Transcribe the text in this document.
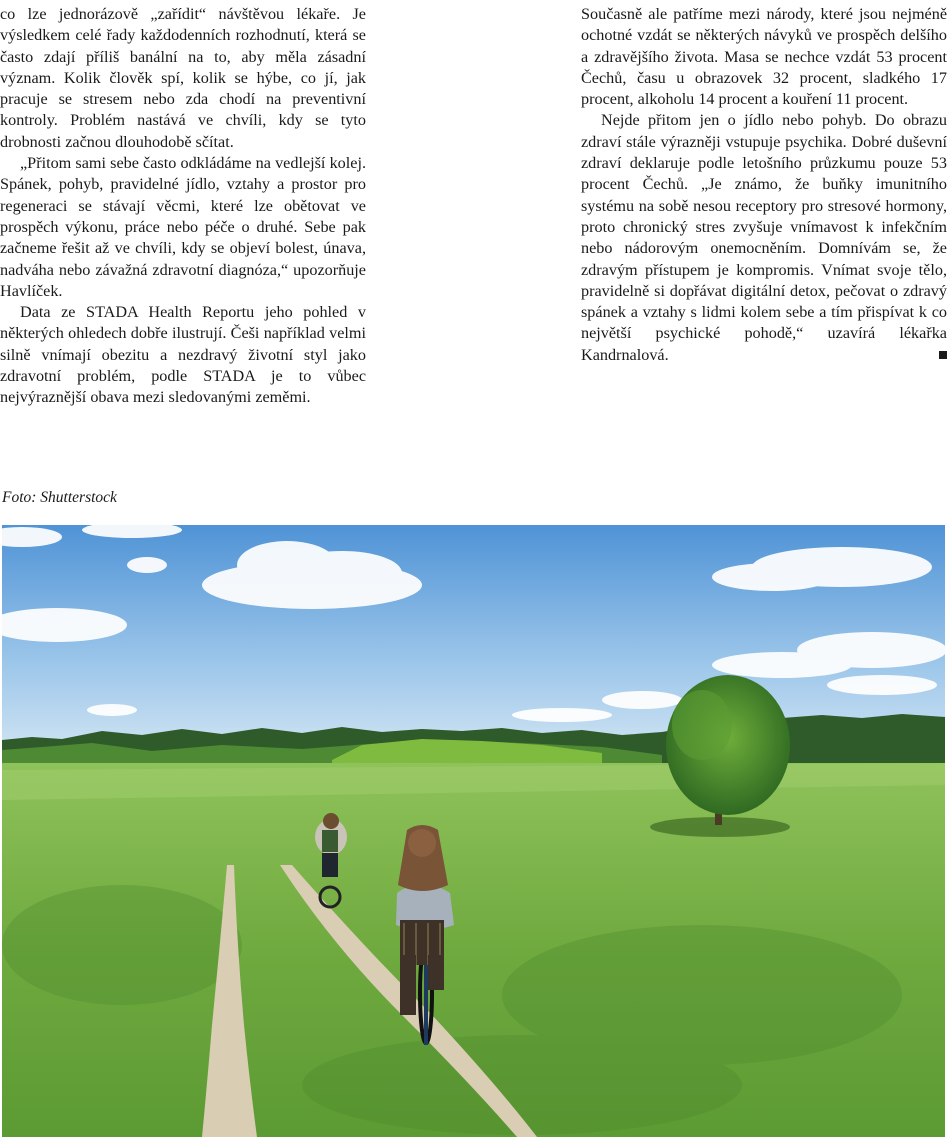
co lze jednorázově „zařídit“ návštěvou lékaře. Je výsledkem celé řady každodenních rozhodnutí, která se často zdají příliš banální na to, aby měla zásadní význam. Kolik člověk spí, kolik se hýbe, co jí, jak pracuje se stresem nebo zda chodí na preventivní kontroly. Problém nastává ve chvíli, kdy se tyto drobnosti začnou dlouhodobě sčítat.

„Přitom sami sebe často odkládáme na vedlejší kolej. Spánek, pohyb, pravidelné jídlo, vztahy a prostor pro regeneraci se stávají věcmi, které lze obětovat ve prospěch výkonu, práce nebo péče o druhé. Sebe pak začneme řešit až ve chvíli, kdy se objeví bolest, únava, nadváha nebo závažná zdravotní diagnóza,“ upozorňuje Havlíček.

Data ze STADA Health Reportu jeho pohled v některých ohledech dobře ilustrují. Češi například velmi silně vnímají obezitu a nezdravý životní styl jako zdravotní problém, podle STADA je to vůbec nejvýraznější obava mezi sledovanými zeměmi.

Současně ale patříme mezi národy, které jsou nejméně ochotné vzdát se některých návyků ve prospěch delšího a zdravějšího života. Masa se nechce vzdát 53 procent Čechů, času u obrazovek 32 procent, sladkého 17 procent, alkoholu 14 procent a kouření 11 procent.

Nejde přitom jen o jídlo nebo pohyb. Do obrazu zdraví stále výrazněji vstupuje psychika. Dobré duševní zdraví deklaruje podle letošního průzkumu pouze 53 procent Čechů. „Je známo, že buňky imunitního systému na sobě nesou receptory pro stresové hormony, proto chronický stres zvyšuje vnímavost k infekčním nebo nádorovým onemocněním. Domnívám se, že zdravým přístupem je kompromis. Vnímat svoje tělo, pravidelně si dopřávat digitální detox, pečovat o zdravý spánek a vztahy s lidmi kolem sebe a tím přispívat k co největší psychické pohodě,“ uzavírá lékařka Kandrnalová.

Foto: Shutterstock
